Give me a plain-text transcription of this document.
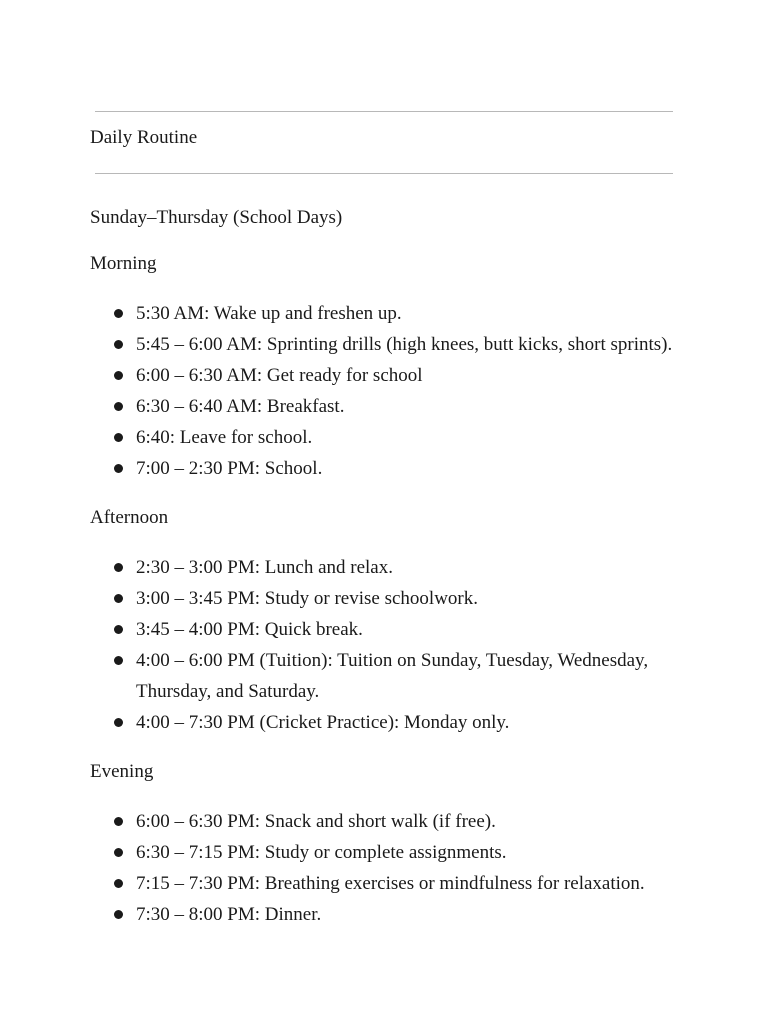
Daily Routine

Sunday–Thursday (School Days)

Morning

5:30 AM: Wake up and freshen up.
5:45 – 6:00 AM: Sprinting drills (high knees, butt kicks, short sprints).
6:00 – 6:30 AM: Get ready for school
6:30 – 6:40 AM: Breakfast.
6:40: Leave for school.
7:00 – 2:30 PM: School.

Afternoon

2:30 – 3:00 PM: Lunch and relax.
3:00 – 3:45 PM: Study or revise schoolwork.
3:45 – 4:00 PM: Quick break.
4:00 – 6:00 PM (Tuition): Tuition on Sunday, Tuesday, Wednesday, Thursday, and Saturday.
4:00 – 7:30 PM (Cricket Practice): Monday only.

Evening

6:00 – 6:30 PM: Snack and short walk (if free).
6:30 – 7:15 PM: Study or complete assignments.
7:15 – 7:30 PM: Breathing exercises or mindfulness for relaxation.
7:30 – 8:00 PM: Dinner.
